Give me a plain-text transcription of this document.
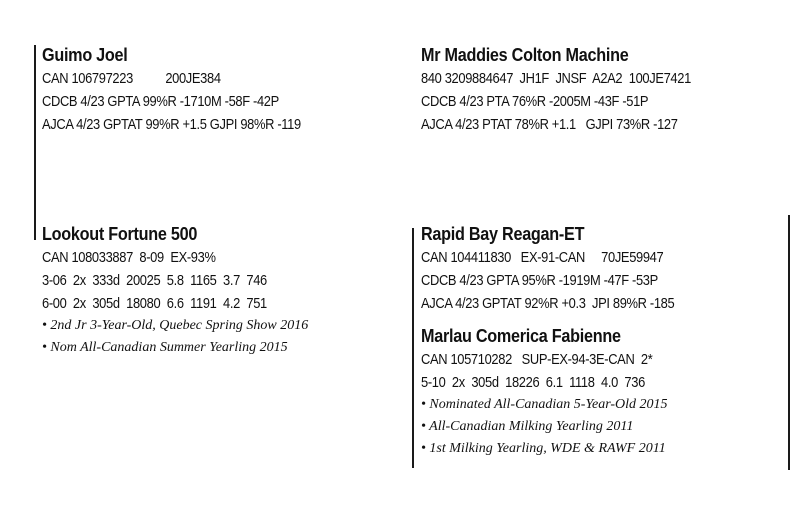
Guimo Joel
CAN 106797223          200JE384
CDCB 4/23 GPTA 99%R -1710M -58F -42P
AJCA 4/23 GPTAT 99%R +1.5 GJPI 98%R -119
Mr Maddies Colton Machine
840 3209884647  JH1F  JNSF  A2A2  100JE7421
CDCB 4/23 PTA 76%R -2005M -43F -51P
AJCA 4/23 PTAT 78%R +1.1   GJPI 73%R -127
Lookout Fortune 500
CAN 108033887  8-09  EX-93%
3-06  2x  333d  20025  5.8  1165  3.7  746
6-00  2x  305d  18080  6.6  1191  4.2  751
• 2nd Jr 3-Year-Old, Quebec Spring Show 2016
• Nom All-Canadian Summer Yearling 2015
Rapid Bay Reagan-ET
CAN 104411830   EX-91-CAN     70JE59947
CDCB 4/23 GPTA 95%R -1919M -47F -53P
AJCA 4/23 GPTAT 92%R +0.3  JPI 89%R -185
Marlau Comerica Fabienne
CAN 105710282   SUP-EX-94-3E-CAN  2*
5-10  2x  305d  18226  6.1  1118  4.0  736
• Nominated All-Canadian 5-Year-Old 2015
• All-Canadian Milking Yearling 2011
• 1st Milking Yearling, WDE & RAWF 2011
